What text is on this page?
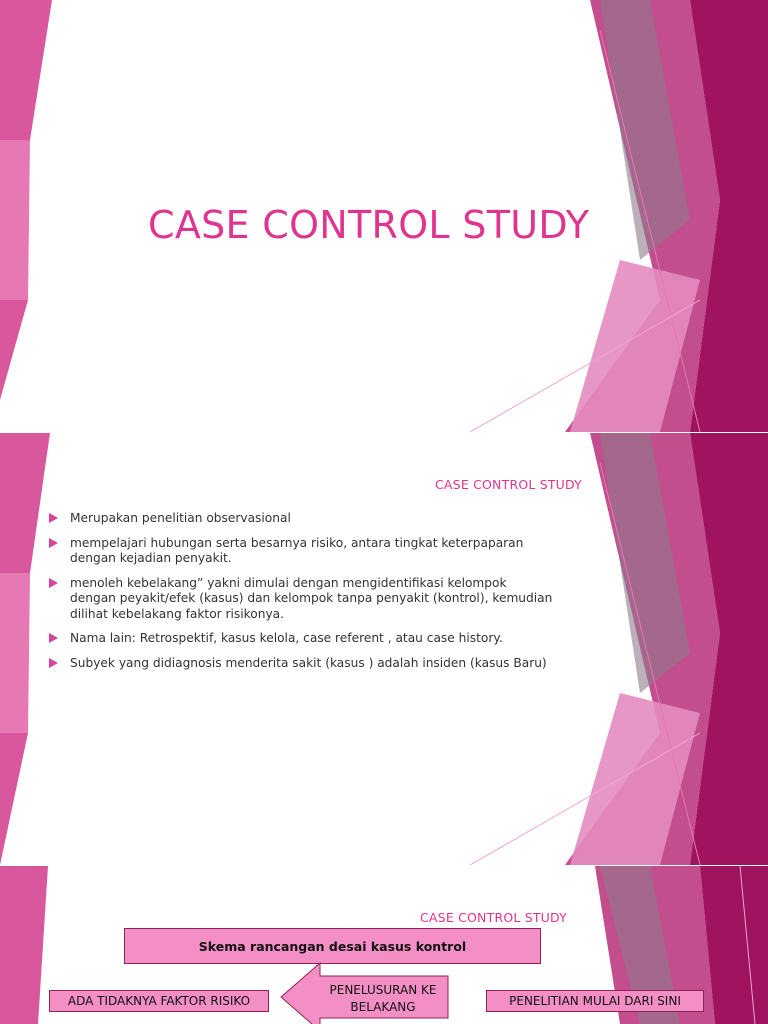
CASE CONTROL STUDY
CASE CONTROL STUDY
Merupakan penelitian observasional
mempelajari hubungan serta besarnya risiko, antara tingkat keterpaparan dengan kejadian penyakit.
menoleh kebelakang” yakni dimulai dengan mengidentifikasi kelompok dengan peyakit/efek (kasus) dan kelompok tanpa penyakit (kontrol), kemudian dilihat kebelakang faktor risikonya.
Nama lain: Retrospektif, kasus kelola, case referent , atau case history.
Subyek yang didiagnosis menderita sakit (kasus ) adalah insiden (kasus Baru)
CASE CONTROL STUDY
Skema rancangan desai kasus kontrol
ADA TIDAKNYA FAKTOR RISIKO
PENELUSURAN KE BELAKANG	PENELITIAN MULAI DARI SINI
